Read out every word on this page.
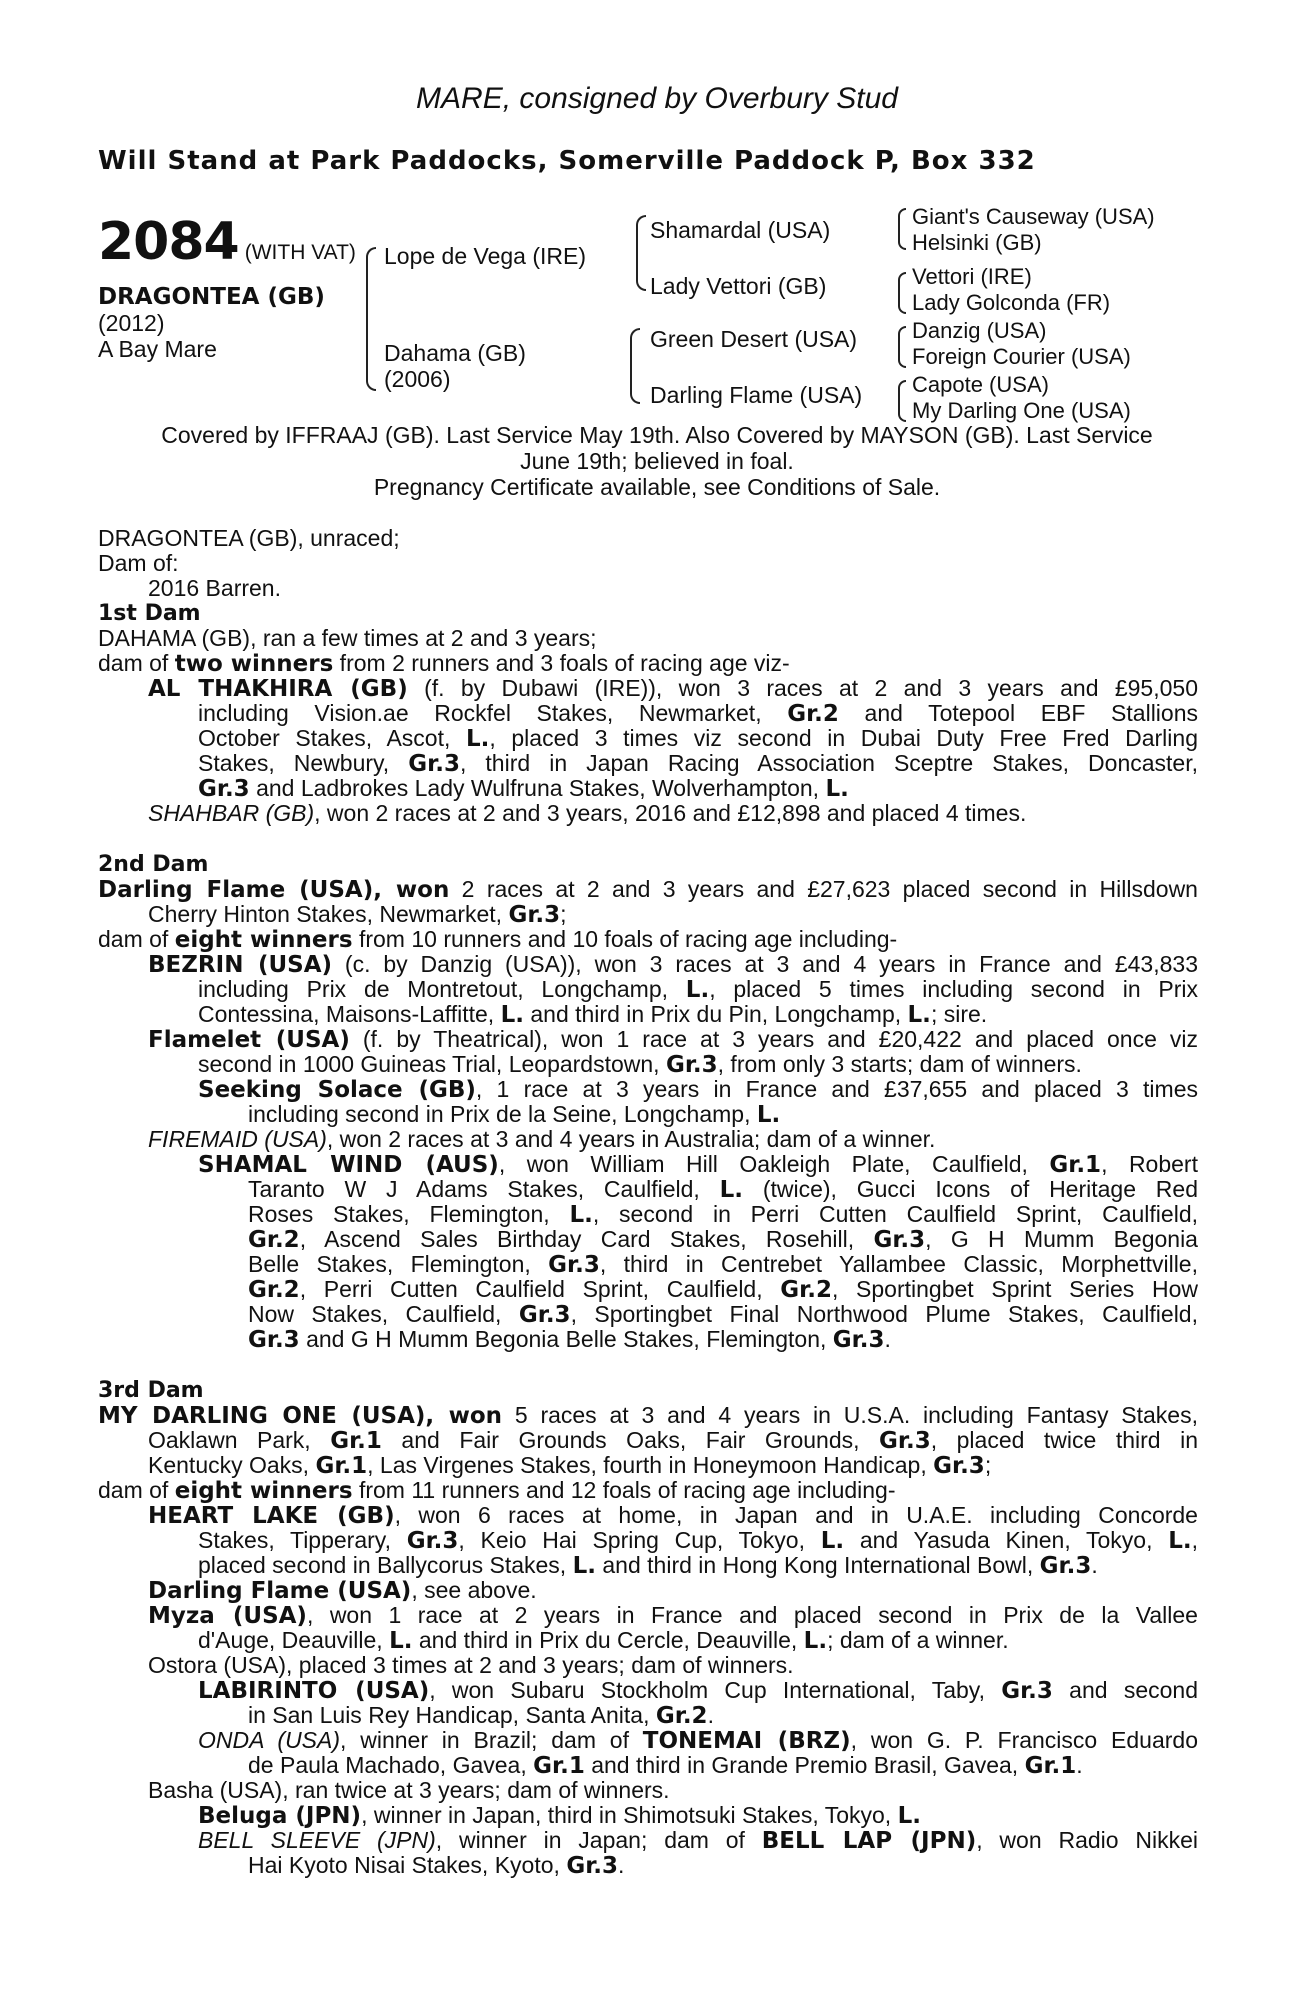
MARE, consigned by Overbury Stud
Will Stand at Park Paddocks, Somerville Paddock P, Box 332
2084 (WITH VAT)
DRAGONTEA (GB)
(2012)
A Bay Mare
Lope de Vega (IRE)
Dahama (GB)
(2006)
Shamardal (USA)
Lady Vettori (GB)
Green Desert (USA)
Darling Flame (USA)
Giant's Causeway (USA)
Helsinki (GB)
Vettori (IRE)
Lady Golconda (FR)
Danzig (USA)
Foreign Courier (USA)
Capote (USA)
My Darling One (USA)
Covered by IFFRAAJ (GB). Last Service May 19th. Also Covered by MAYSON (GB). Last Service
June 19th; believed in foal.
Pregnancy Certificate available, see Conditions of Sale.
DRAGONTEA (GB), unraced;
Dam of:
2016 Barren.
1st Dam
DAHAMA (GB), ran a few times at 2 and 3 years;
dam of two winners from 2 runners and 3 foals of racing age viz-
AL THAKHIRA (GB) (f. by Dubawi (IRE)), won 3 races at 2 and 3 years and £95,050
including Vision.ae Rockfel Stakes, Newmarket, Gr.2 and Totepool EBF Stallions
October Stakes, Ascot, L., placed 3 times viz second in Dubai Duty Free Fred Darling
Stakes, Newbury, Gr.3, third in Japan Racing Association Sceptre Stakes, Doncaster,
Gr.3 and Ladbrokes Lady Wulfruna Stakes, Wolverhampton, L.
SHAHBAR (GB), won 2 races at 2 and 3 years, 2016 and £12,898 and placed 4 times.
2nd Dam
Darling Flame (USA), won 2 races at 2 and 3 years and £27,623 placed second in Hillsdown
Cherry Hinton Stakes, Newmarket, Gr.3;
dam of eight winners from 10 runners and 10 foals of racing age including-
BEZRIN (USA) (c. by Danzig (USA)), won 3 races at 3 and 4 years in France and £43,833
including Prix de Montretout, Longchamp, L., placed 5 times including second in Prix
Contessina, Maisons-Laffitte, L. and third in Prix du Pin, Longchamp, L.; sire.
Flamelet (USA) (f. by Theatrical), won 1 race at 3 years and £20,422 and placed once viz
second in 1000 Guineas Trial, Leopardstown, Gr.3, from only 3 starts; dam of winners.
Seeking Solace (GB), 1 race at 3 years in France and £37,655 and placed 3 times
including second in Prix de la Seine, Longchamp, L.
FIREMAID (USA), won 2 races at 3 and 4 years in Australia; dam of a winner.
SHAMAL WIND (AUS), won William Hill Oakleigh Plate, Caulfield, Gr.1, Robert
Taranto W J Adams Stakes, Caulfield, L. (twice), Gucci Icons of Heritage Red
Roses Stakes, Flemington, L., second in Perri Cutten Caulfield Sprint, Caulfield,
Gr.2, Ascend Sales Birthday Card Stakes, Rosehill, Gr.3, G H Mumm Begonia
Belle Stakes, Flemington, Gr.3, third in Centrebet Yallambee Classic, Morphettville,
Gr.2, Perri Cutten Caulfield Sprint, Caulfield, Gr.2, Sportingbet Sprint Series How
Now Stakes, Caulfield, Gr.3, Sportingbet Final Northwood Plume Stakes, Caulfield,
Gr.3 and G H Mumm Begonia Belle Stakes, Flemington, Gr.3.
3rd Dam
MY DARLING ONE (USA), won 5 races at 3 and 4 years in U.S.A. including Fantasy Stakes,
Oaklawn Park, Gr.1 and Fair Grounds Oaks, Fair Grounds, Gr.3, placed twice third in
Kentucky Oaks, Gr.1, Las Virgenes Stakes, fourth in Honeymoon Handicap, Gr.3;
dam of eight winners from 11 runners and 12 foals of racing age including-
HEART LAKE (GB), won 6 races at home, in Japan and in U.A.E. including Concorde
Stakes, Tipperary, Gr.3, Keio Hai Spring Cup, Tokyo, L. and Yasuda Kinen, Tokyo, L.,
placed second in Ballycorus Stakes, L. and third in Hong Kong International Bowl, Gr.3.
Darling Flame (USA), see above.
Myza (USA), won 1 race at 2 years in France and placed second in Prix de la Vallee
d'Auge, Deauville, L. and third in Prix du Cercle, Deauville, L.; dam of a winner.
Ostora (USA), placed 3 times at 2 and 3 years; dam of winners.
LABIRINTO (USA), won Subaru Stockholm Cup International, Taby, Gr.3 and second
in San Luis Rey Handicap, Santa Anita, Gr.2.
ONDA (USA), winner in Brazil; dam of TONEMAI (BRZ), won G. P. Francisco Eduardo
de Paula Machado, Gavea, Gr.1 and third in Grande Premio Brasil, Gavea, Gr.1.
Basha (USA), ran twice at 3 years; dam of winners.
Beluga (JPN), winner in Japan, third in Shimotsuki Stakes, Tokyo, L.
BELL SLEEVE (JPN), winner in Japan; dam of BELL LAP (JPN), won Radio Nikkei
Hai Kyoto Nisai Stakes, Kyoto, Gr.3.
